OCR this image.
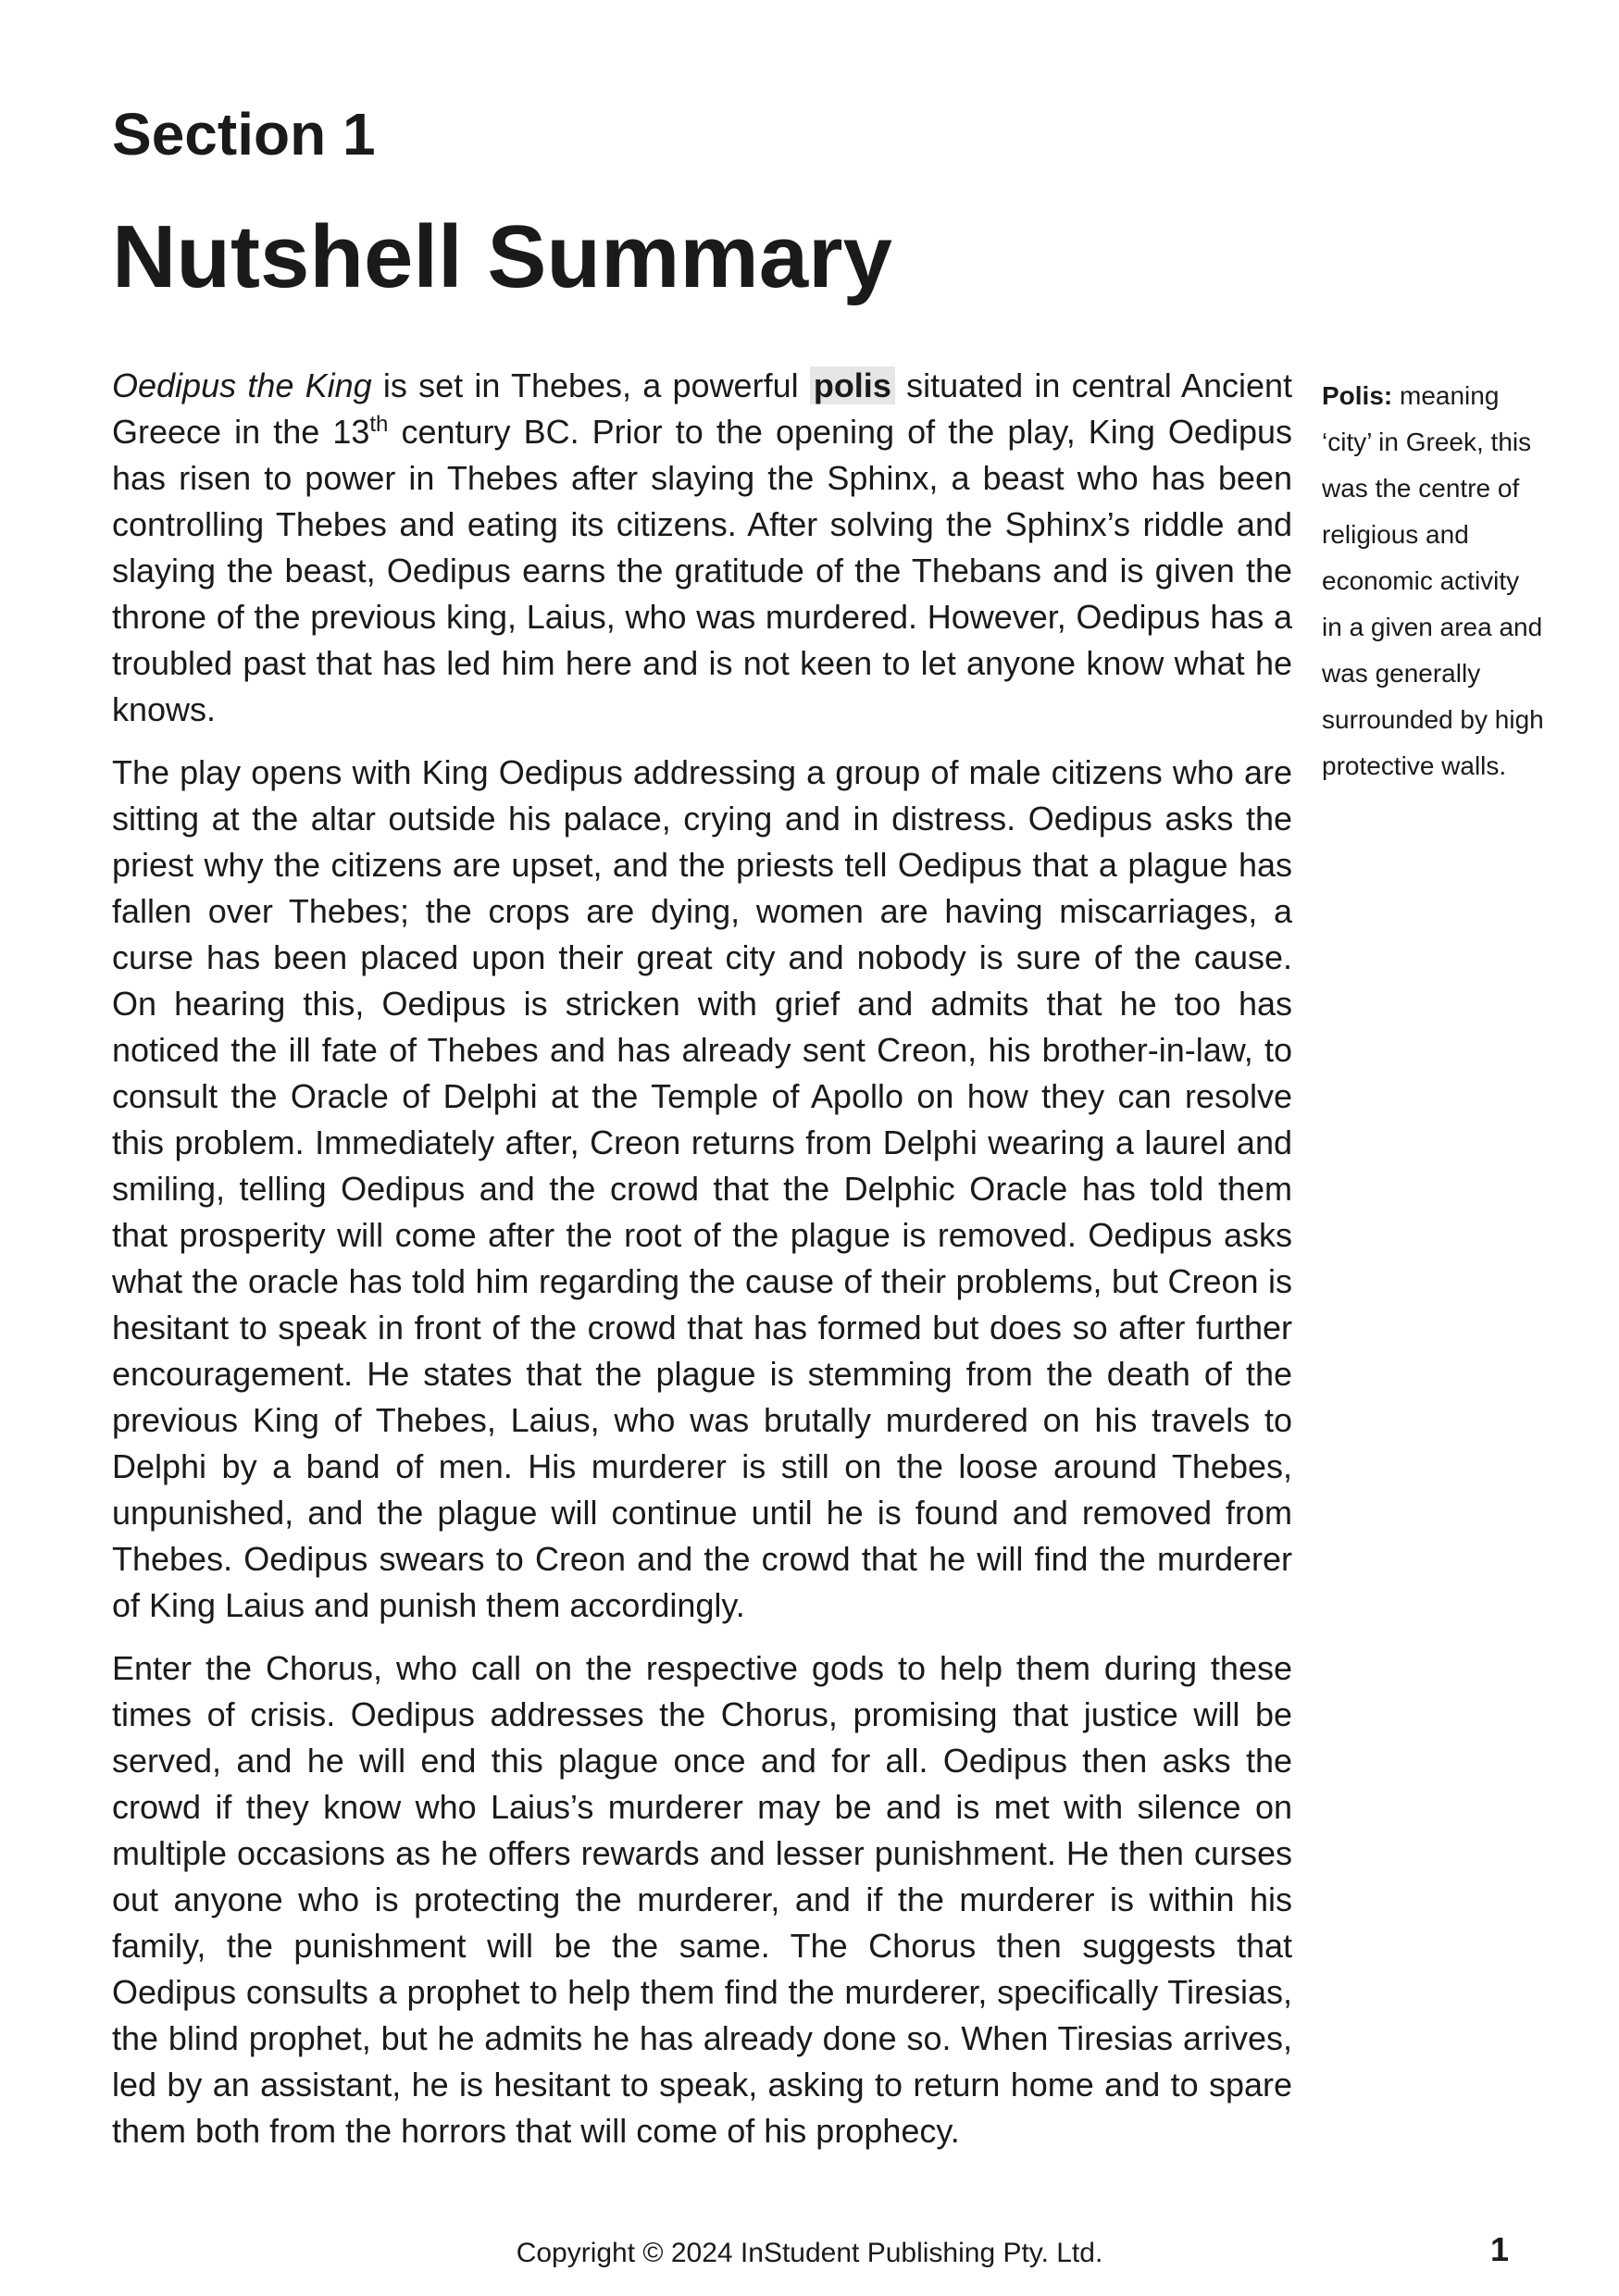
Section 1
Nutshell Summary

Oedipus the King is set in Thebes, a powerful polis situated in central Ancient Greece in the 13th century BC. Prior to the opening of the play, King Oedipus has risen to power in Thebes after slaying the Sphinx, a beast who has been controlling Thebes and eating its citizens. After solving the Sphinx’s riddle and slaying the beast, Oedipus earns the gratitude of the Thebans and is given the throne of the previous king, Laius, who was murdered. However, Oedipus has a troubled past that has led him here and is not keen to let anyone know what he knows.

The play opens with King Oedipus addressing a group of male citizens who are sitting at the altar outside his palace, crying and in distress. Oedipus asks the priest why the citizens are upset, and the priests tell Oedipus that a plague has fallen over Thebes; the crops are dying, women are having miscarriages, a curse has been placed upon their great city and nobody is sure of the cause. On hearing this, Oedipus is stricken with grief and admits that he too has noticed the ill fate of Thebes and has already sent Creon, his brother-in-law, to consult the Oracle of Delphi at the Temple of Apollo on how they can resolve this problem. Immediately after, Creon returns from Delphi wearing a laurel and smiling, telling Oedipus and the crowd that the Delphic Oracle has told them that prosperity will come after the root of the plague is removed. Oedipus asks what the oracle has told him regarding the cause of their problems, but Creon is hesitant to speak in front of the crowd that has formed but does so after further encouragement. He states that the plague is stemming from the death of the previous King of Thebes, Laius, who was brutally murdered on his travels to Delphi by a band of men. His murderer is still on the loose around Thebes, unpunished, and the plague will continue until he is found and removed from Thebes. Oedipus swears to Creon and the crowd that he will find the murderer of King Laius and punish them accordingly.

Enter the Chorus, who call on the respective gods to help them during these times of crisis. Oedipus addresses the Chorus, promising that justice will be served, and he will end this plague once and for all. Oedipus then asks the crowd if they know who Laius’s murderer may be and is met with silence on multiple occasions as he offers rewards and lesser punishment. He then curses out anyone who is protecting the murderer, and if the murderer is within his family, the punishment will be the same. The Chorus then suggests that Oedipus consults a prophet to help them find the murderer, specifically Tiresias, the blind prophet, but he admits he has already done so. When Tiresias arrives, led by an assistant, he is hesitant to speak, asking to return home and to spare them both from the horrors that will come of his prophecy.

Polis: meaning ‘city’ in Greek, this was the centre of religious and economic activity in a given area and was generally surrounded by high protective walls.
Copyright © 2024 InStudent Publishing Pty. Ltd.	1
